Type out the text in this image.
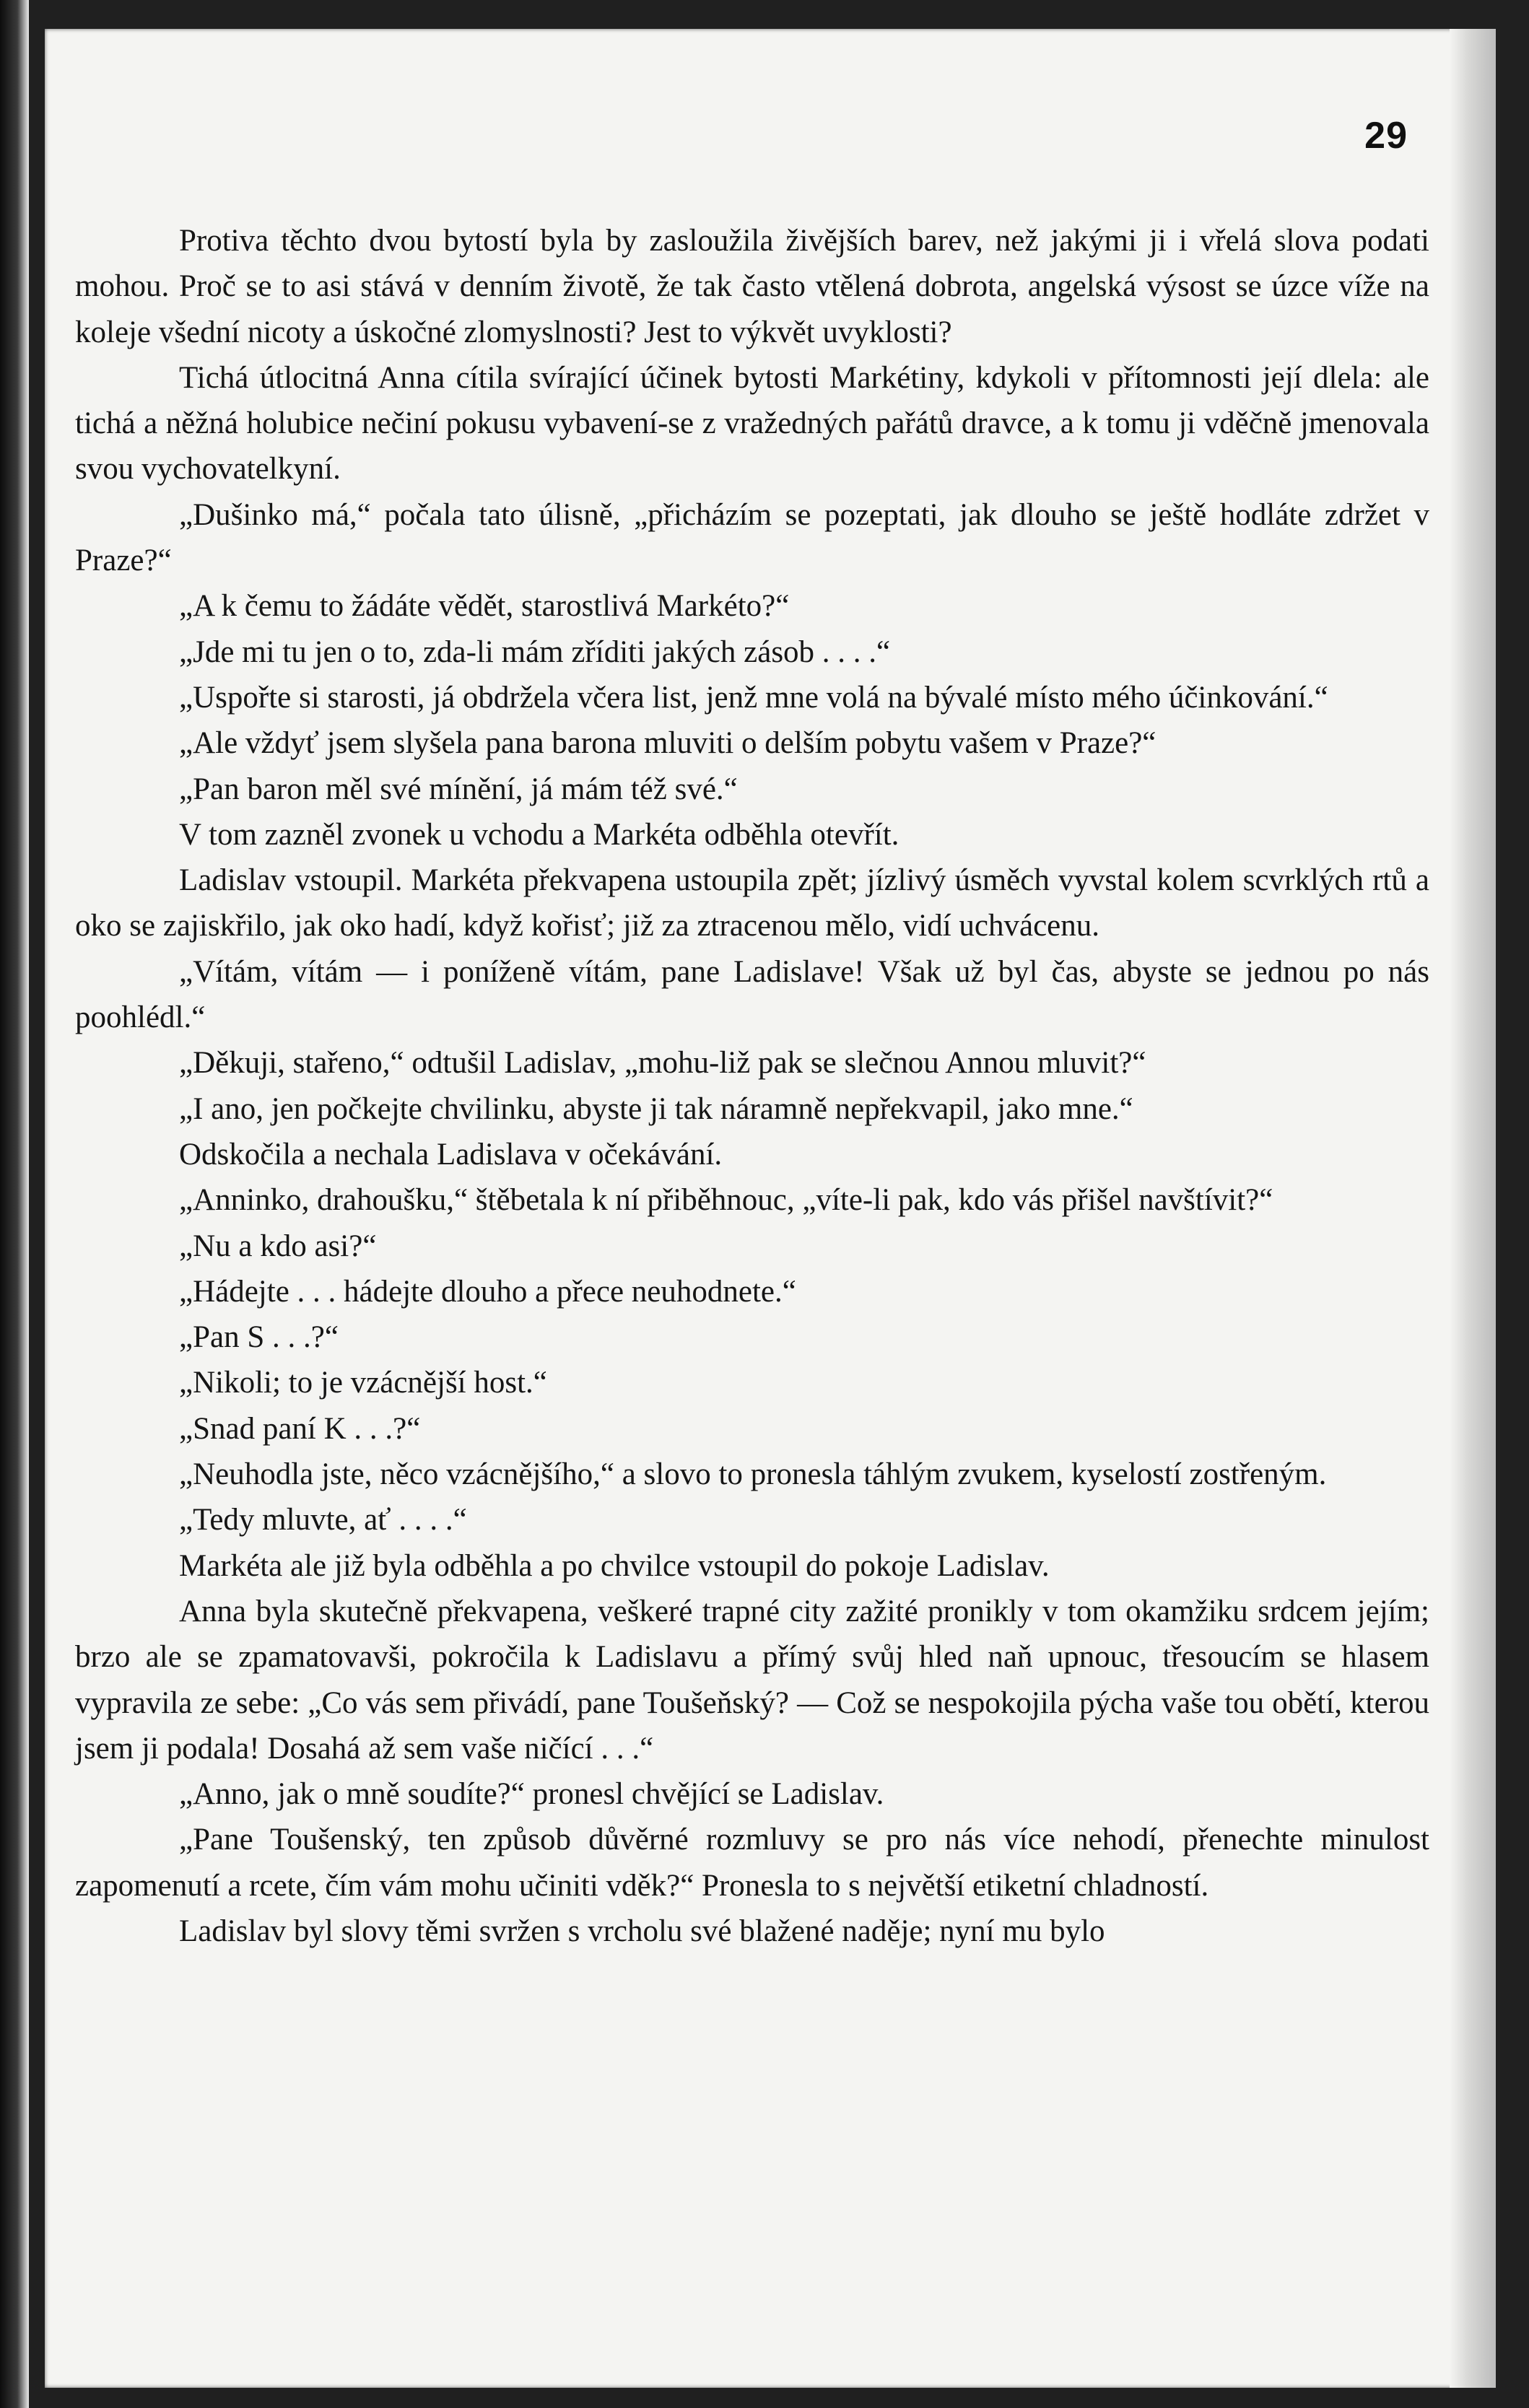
29

Protiva těchto dvou bytostí byla by zasloužila živějších barev, než jakými ji i vřelá slova podati mohou. Proč se to asi stává v denním životě, že tak často vtělená dobrota, angelská výsost se úzce víže na koleje všední nicoty a úskočné zlomyslnosti? Jest to výkvět uvyklosti?

Tichá útlocitná Anna cítila svírající účinek bytosti Markétiny, kdykoli v přítomnosti její dlela: ale tichá a něžná holubice nečiní pokusu vybavení-se z vražedných pařátů dravce, a k tomu ji vděčně jmenovala svou vychovatelkyní.

„Dušinko má,“ počala tato úlisně, „přicházím se pozeptati, jak dlouho se ještě hodláte zdržet v Praze?“

„A k čemu to žádáte vědět, starostlivá Markéto?“

„Jde mi tu jen o to, zda-li mám zříditi jakých zásob . . . .“

„Uspořte si starosti, já obdržela včera list, jenž mne volá na bývalé místo mého účinkování.“

„Ale vždyť jsem slyšela pana barona mluviti o delším pobytu vašem v Praze?“

„Pan baron měl své mínění, já mám též své.“

V tom zazněl zvonek u vchodu a Markéta odběhla otevřít.

Ladislav vstoupil. Markéta překvapena ustoupila zpět; jízlivý úsměch vyvstal kolem scvrklých rtů a oko se zajiskřilo, jak oko hadí, když kořisť; již za ztracenou mělo, vidí uchvácenu.

„Vítám, vítám — i poníženě vítám, pane Ladislave! Však už byl čas, abyste se jednou po nás poohlédl.“

„Děkuji, stařeno,“ odtušil Ladislav, „mohu-liž pak se slečnou Annou mluvit?“

„I ano, jen počkejte chvilinku, abyste ji tak náramně nepřekvapil, jako mne.“

Odskočila a nechala Ladislava v očekávání.

„Anninko, drahoušku,“ štěbetala k ní přiběhnouc, „víte-li pak, kdo vás přišel navštívit?“

„Nu a kdo asi?“

„Hádejte . . . hádejte dlouho a přece neuhodnete.“

„Pan S . . .?“

„Nikoli; to je vzácnější host.“

„Snad paní K . . .?“

„Neuhodla jste, něco vzácnějšího,“ a slovo to pronesla táhlým zvukem, kyselostí zostřeným.

„Tedy mluvte, ať . . . .“

Markéta ale již byla odběhla a po chvilce vstoupil do pokoje Ladislav.

Anna byla skutečně překvapena, veškeré trapné city zažité pronikly v tom okamžiku srdcem jejím; brzo ale se zpamatovavši, pokročila k Ladislavu a přímý svůj hled naň upnouc, třesoucím se hlasem vypravila ze sebe: „Co vás sem přivádí, pane Toušeňský? — Což se nespokojila pýcha vaše tou obětí, kterou jsem ji podala! Dosahá až sem vaše ničící . . .“

„Anno, jak o mně soudíte?“ pronesl chvějící se Ladislav.

„Pane Toušenský, ten způsob důvěrné rozmluvy se pro nás více nehodí, přenechte minulost zapomenutí a rcete, čím vám mohu učiniti vděk?“ Pronesla to s největší etiketní chladností.

Ladislav byl slovy těmi svržen s vrcholu své blažené naděje; nyní mu bylo
